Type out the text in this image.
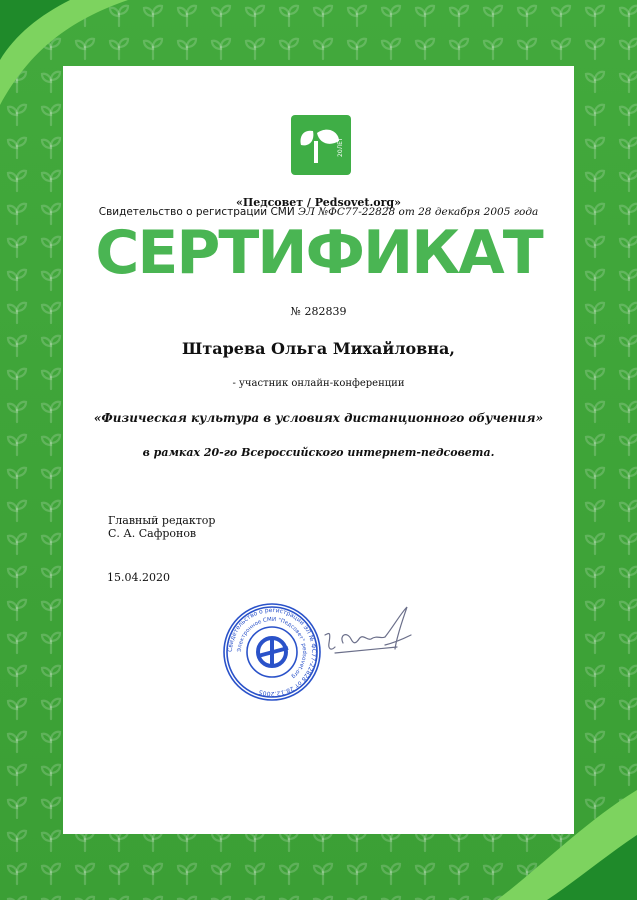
20ЛЕТ
«Педсовет / Pedsovet.org»
Свидетельство о регистрации СМИ ЭЛ №ФС77-22828 от 28 декабря 2005 года
СЕРТИФИКАТ
№ 282839
Штарева Ольга Михайловна,
- участник онлайн-конференции
«Физическая культура в условиях дистанционного обучения»
в рамках 20-го Всероссийского интернет-педсовета.
Главный редактор
С. А. Сафронов
15.04.2020
Свидетельство о регистрации ЭЛ № ФС77-22828 от 28.12.2005
Электронное СМИ "Педсовет" pedsovet.org
